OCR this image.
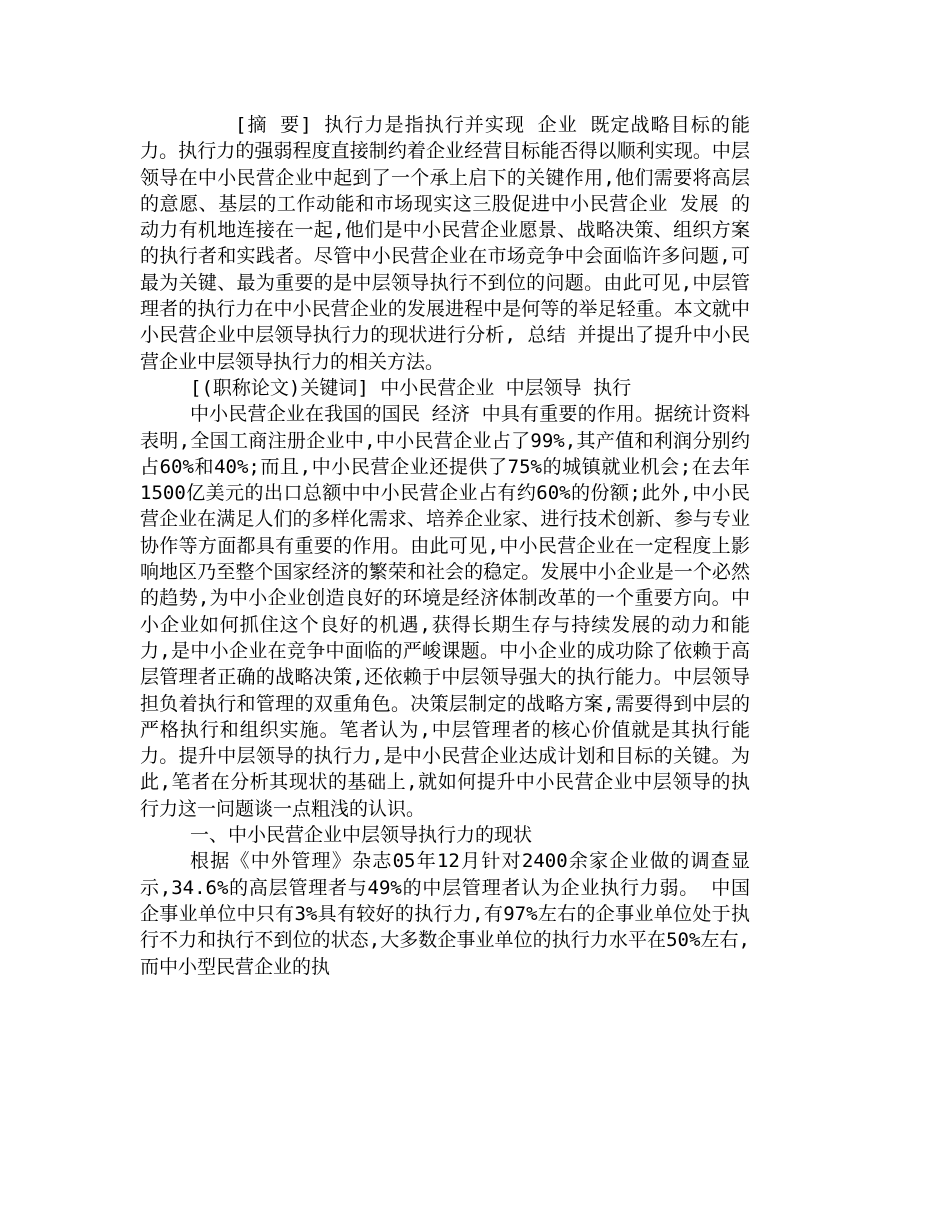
[摘 要] 执行力是指执行并实现 企业 既定战略目标的能力。执行力的强弱程度直接制约着企业经营目标能否得以顺利实现。中层领导在中小民营企业中起到了一个承上启下的关键作用,他们需要将高层的意愿、基层的工作动能和市场现实这三股促进中小民营企业 发展 的动力有机地连接在一起,他们是中小民营企业愿景、战略决策、组织方案的执行者和实践者。尽管中小民营企业在市场竞争中会面临许多问题,可最为关键、最为重要的是中层领导执行不到位的问题。由此可见,中层管理者的执行力在中小民营企业的发展进程中是何等的举足轻重。本文就中小民营企业中层领导执行力的现状进行分析, 总结 并提出了提升中小民营企业中层领导执行力的相关方法。

[(职称论文)关键词] 中小民营企业 中层领导 执行

中小民营企业在我国的国民 经济 中具有重要的作用。据统计资料表明,全国工商注册企业中,中小民营企业占了99%,其产值和利润分别约占60%和40%;而且,中小民营企业还提供了75%的城镇就业机会;在去年1500亿美元的出口总额中中小民营企业占有约60%的份额;此外,中小民营企业在满足人们的多样化需求、培养企业家、进行技术创新、参与专业协作等方面都具有重要的作用。由此可见,中小民营企业在一定程度上影响地区乃至整个国家经济的繁荣和社会的稳定。发展中小企业是一个必然的趋势,为中小企业创造良好的环境是经济体制改革的一个重要方向。中小企业如何抓住这个良好的机遇,获得长期生存与持续发展的动力和能力,是中小企业在竞争中面临的严峻课题。中小企业的成功除了依赖于高层管理者正确的战略决策,还依赖于中层领导强大的执行能力。中层领导担负着执行和管理的双重角色。决策层制定的战略方案,需要得到中层的严格执行和组织实施。笔者认为,中层管理者的核心价值就是其执行能力。提升中层领导的执行力,是中小民营企业达成计划和目标的关键。为此,笔者在分析其现状的基础上,就如何提升中小民营企业中层领导的执行力这一问题谈一点粗浅的认识。

一、中小民营企业中层领导执行力的现状

根据《中外管理》杂志05年12月针对2400余家企业做的调查显示,34.6%的高层管理者与49%的中层管理者认为企业执行力弱。 中国 企事业单位中只有3%具有较好的执行力,有97%左右的企事业单位处于执行不力和执行不到位的状态,大多数企事业单位的执行力水平在50%左右,而中小型民营企业的执
